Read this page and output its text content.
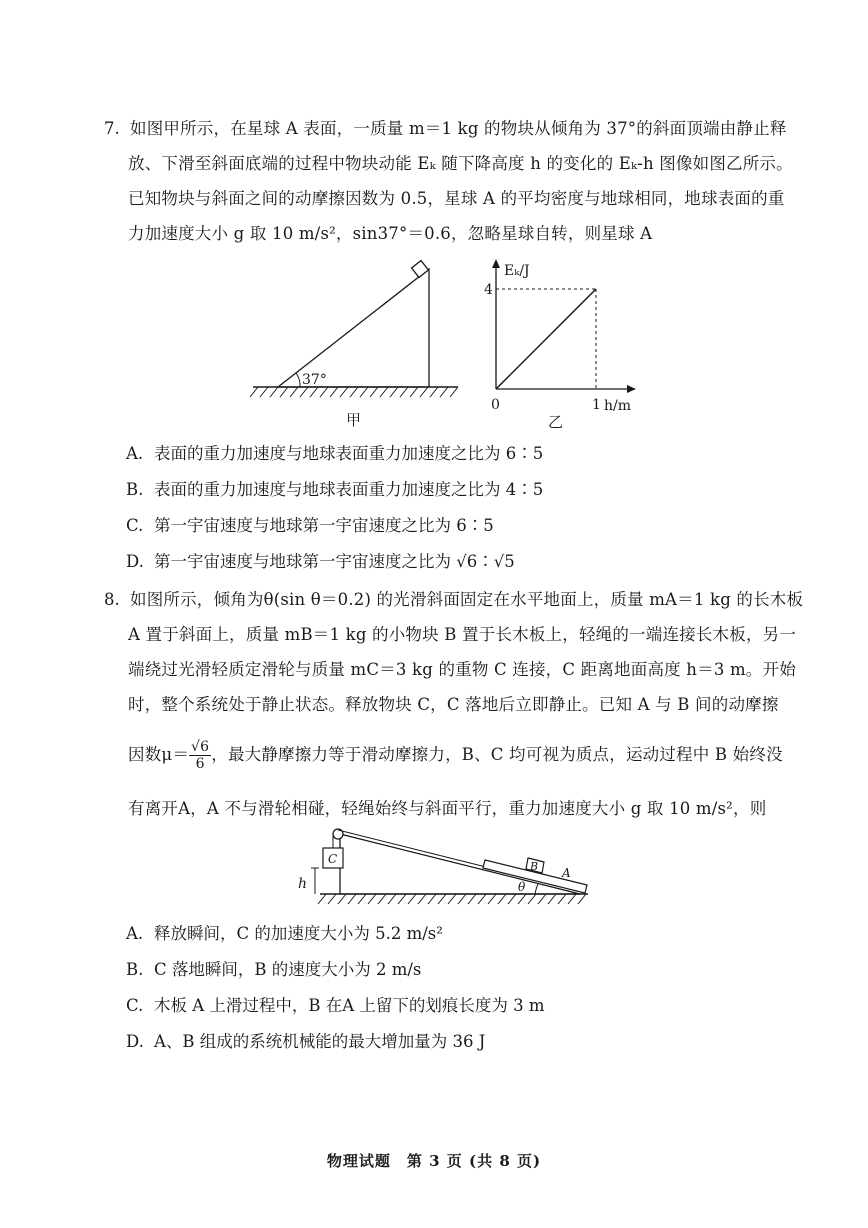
7. 如图甲所示，在星球 A 表面，一质量 m＝1 kg 的物块从倾角为 37°的斜面顶端由静止释
放、下滑至斜面底端的过程中物块动能 Eₖ 随下降高度 h 的变化的 Eₖ-h 图像如图乙所示。
已知物块与斜面之间的动摩擦因数为 0.5，星球 A 的平均密度与地球相同，地球表面的重
力加速度大小 g 取 10 m/s²，sin37°＝0.6，忽略星球自转，则星球 A
37°
甲
Eₖ/J
h/m
0
4
1
乙
A. 表面的重力加速度与地球表面重力加速度之比为 6∶5
B. 表面的重力加速度与地球表面重力加速度之比为 4∶5
C. 第一宇宙速度与地球第一宇宙速度之比为 6∶5
D. 第一宇宙速度与地球第一宇宙速度之比为 √6∶√5
8. 如图所示，倾角为θ(sin θ＝0.2) 的光滑斜面固定在水平地面上，质量 mA＝1 kg 的长木板
A 置于斜面上，质量 mB＝1 kg 的小物块 B 置于长木板上，轻绳的一端连接长木板，另一
端绕过光滑轻质定滑轮与质量 mC＝3 kg 的重物 C 连接，C 距离地面高度 h＝3 m。开始
时，整个系统处于静止状态。释放物块 C，C 落地后立即静止。已知 A 与 B 间的动摩擦
因数$\mu= \frac{√6}{6}$ ，最大静摩擦力等于滑动摩擦力，B、C 均可视为质点，运动过程中 B 始终没
有离开A，A 不与滑轮相碰，轻绳始终与斜面平行，重力加速度大小 g 取 10 m/s²，则
C
h
B A
θ
A. 释放瞬间，C 的加速度大小为 5.2 m/s²
B. C 落地瞬间，B 的速度大小为 2 m/s
C. 木板 A 上滑过程中，B 在A 上留下的划痕长度为 3 m
D. A、B 组成的系统机械能的最大增加量为 36 J
物理试题　第 3 页 (共 8 页)
